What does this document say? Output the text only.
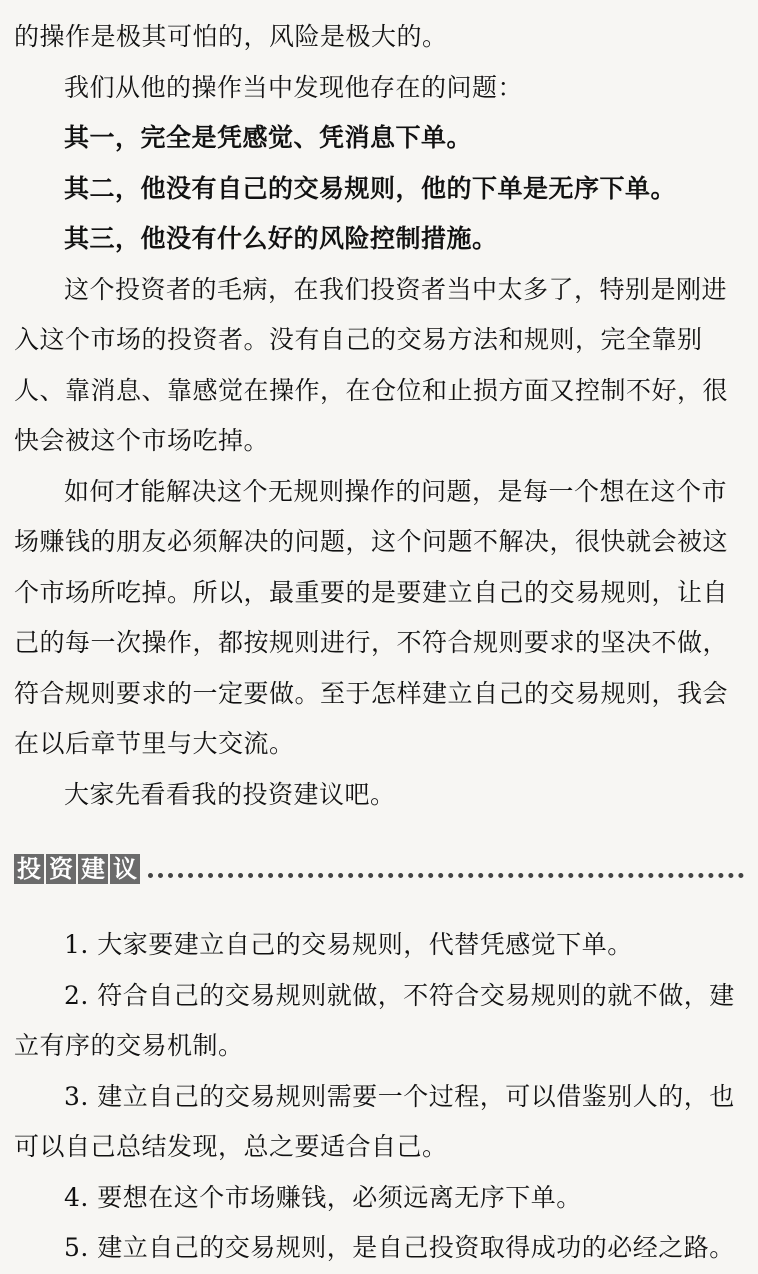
的操作是极其可怕的，风险是极大的。

我们从他的操作当中发现他存在的问题：

其一，完全是凭感觉、凭消息下单。

其二，他没有自己的交易规则，他的下单是无序下单。

其三，他没有什么好的风险控制措施。

这个投资者的毛病，在我们投资者当中太多了，特别是刚进入这个市场的投资者。没有自己的交易方法和规则，完全靠别人、靠消息、靠感觉在操作，在仓位和止损方面又控制不好，很快会被这个市场吃掉。

如何才能解决这个无规则操作的问题，是每一个想在这个市场赚钱的朋友必须解决的问题，这个问题不解决，很快就会被这个市场所吃掉。所以，最重要的是要建立自己的交易规则，让自己的每一次操作，都按规则进行，不符合规则要求的坚决不做，符合规则要求的一定要做。至于怎样建立自己的交易规则，我会在以后章节里与大交流。

大家先看看我的投资建议吧。

投 资 建 议

1. 大家要建立自己的交易规则，代替凭感觉下单。

2. 符合自己的交易规则就做，不符合交易规则的就不做，建立有序的交易机制。

3. 建立自己的交易规则需要一个过程，可以借鉴别人的，也可以自己总结发现，总之要适合自己。

4. 要想在这个市场赚钱，必须远离无序下单。

5. 建立自己的交易规则，是自己投资取得成功的必经之路。
